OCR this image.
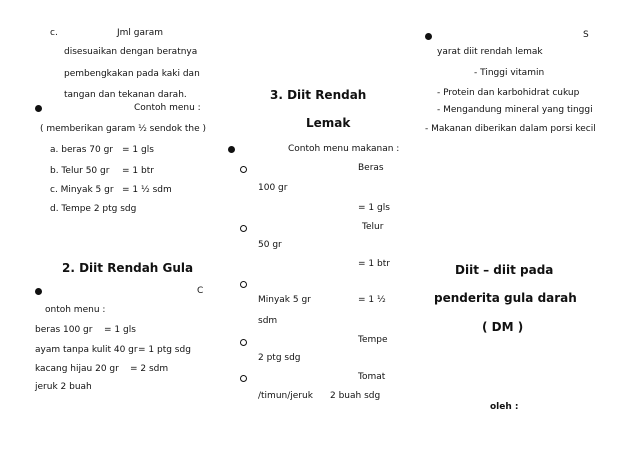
c.	Jml garam
disesuaikan dengan beratnya
pembengkakan pada kaki dan
tangan dan tekanan darah.
Contoh menu :
( memberikan garam ½ sendok the )
a. beras 70 gr = 1 gls
b. Telur 50 gr = 1 btr
c. Minyak 5 gr = 1 ½ sdm
d. Tempe 2 ptg sdg
2. Diit Rendah Gula
C
ontoh menu :
beras 100 gr = 1 gls
ayam tanpa kulit 40 gr = 1 ptg sdg
kacang hijau 20 gr = 2 sdm
jeruk 2 buah
3. Diit Rendah
Lemak
Contoh menu makanan :
Beras
100 gr
= 1 gls
Telur
50 gr
= 1 btr
Minyak 5 gr	= 1 ½
sdm
Tempe
2 ptg sdg
Tomat
/timun/jeruk 2 buah sdg
S
yarat diit rendah lemak
- Tinggi vitamin
- Protein dan karbohidrat cukup
- Mengandung mineral yang tinggi
- Makanan diberikan dalam porsi kecil
Diit – diit pada
penderita gula darah
( DM )
oleh :
